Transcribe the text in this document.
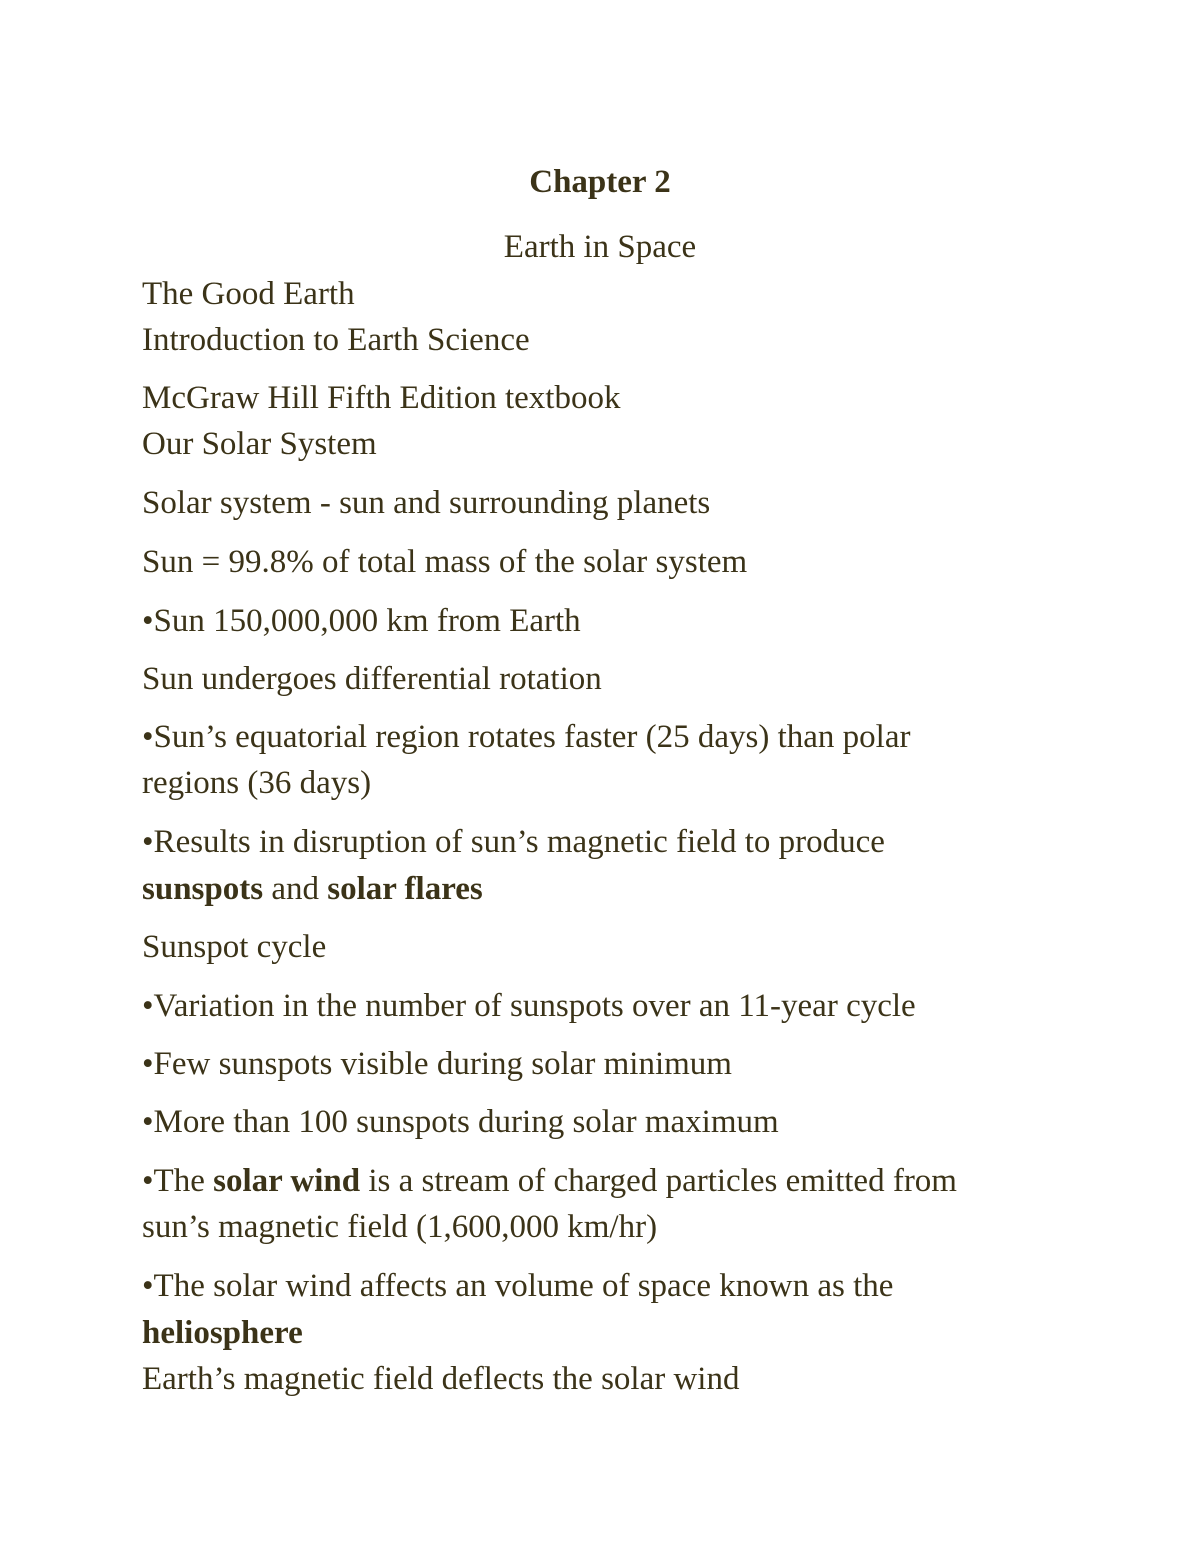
Chapter 2
Earth in Space
The Good Earth
Introduction to Earth Science
McGraw Hill Fifth Edition textbook
Our Solar System
Solar system - sun and surrounding planets
Sun = 99.8% of total mass of the solar system
•Sun 150,000,000 km from Earth
Sun undergoes differential rotation
•Sun’s equatorial region rotates faster (25 days) than polar
regions (36 days)
•Results in disruption of sun’s magnetic field to produce
sunspots and solar flares
Sunspot cycle
•Variation in the number of sunspots over an 11-year cycle
•Few sunspots visible during solar minimum
•More than 100 sunspots during solar maximum
•The solar wind is a stream of charged particles emitted from
sun’s magnetic field (1,600,000 km/hr)
•The solar wind affects an volume of space known as the
heliosphere
Earth’s magnetic field deflects the solar wind
